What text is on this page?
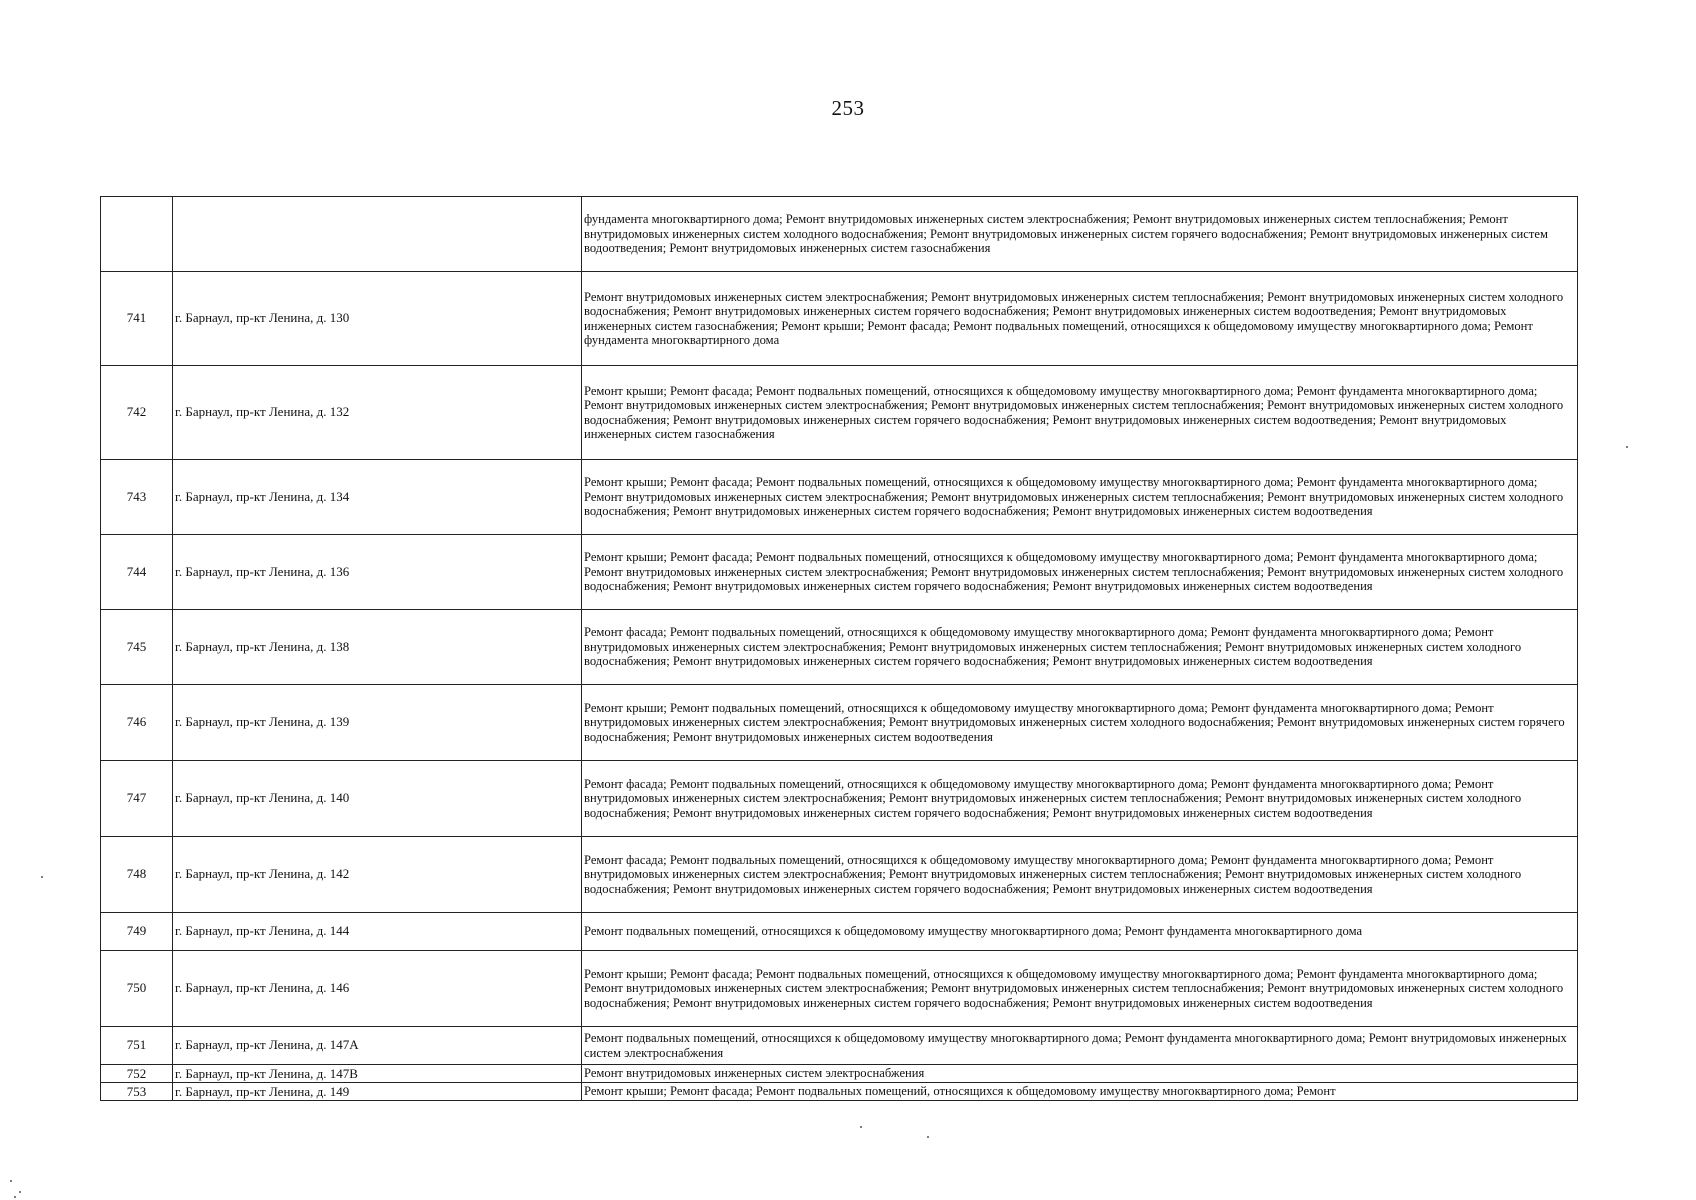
253
		фундамента многоквартирного дома; Ремонт внутридомовых инженерных систем электроснабжения; Ремонт внутридомовых инженерных систем теплоснабжения; Ремонт внутридомовых инженерных систем холодного водоснабжения; Ремонт внутридомовых инженерных систем горячего водоснабжения; Ремонт внутридомовых инженерных систем водоотведения; Ремонт внутридомовых инженерных систем газоснабжения
741	г. Барнаул, пр-кт Ленина, д. 130	Ремонт внутридомовых инженерных систем электроснабжения; Ремонт внутридомовых инженерных систем теплоснабжения; Ремонт внутридомовых инженерных систем холодного водоснабжения; Ремонт внутридомовых инженерных систем горячего водоснабжения; Ремонт внутридомовых инженерных систем водоотведения; Ремонт внутридомовых инженерных систем газоснабжения; Ремонт крыши; Ремонт фасада; Ремонт подвальных помещений, относящихся к общедомовому имуществу многоквартирного дома; Ремонт фундамента многоквартирного дома
742	г. Барнаул, пр-кт Ленина, д. 132	Ремонт крыши; Ремонт фасада; Ремонт подвальных помещений, относящихся к общедомовому имуществу многоквартирного дома; Ремонт фундамента многоквартирного дома; Ремонт внутридомовых инженерных систем электроснабжения; Ремонт внутридомовых инженерных систем теплоснабжения; Ремонт внутридомовых инженерных систем холодного водоснабжения; Ремонт внутридомовых инженерных систем горячего водоснабжения; Ремонт внутридомовых инженерных систем водоотведения; Ремонт внутридомовых инженерных систем газоснабжения
743	г. Барнаул, пр-кт Ленина, д. 134	Ремонт крыши; Ремонт фасада; Ремонт подвальных помещений, относящихся к общедомовому имуществу многоквартирного дома; Ремонт фундамента многоквартирного дома; Ремонт внутридомовых инженерных систем электроснабжения; Ремонт внутридомовых инженерных систем теплоснабжения; Ремонт внутридомовых инженерных систем холодного водоснабжения; Ремонт внутридомовых инженерных систем горячего водоснабжения; Ремонт внутридомовых инженерных систем водоотведения
744	г. Барнаул, пр-кт Ленина, д. 136	Ремонт крыши; Ремонт фасада; Ремонт подвальных помещений, относящихся к общедомовому имуществу многоквартирного дома; Ремонт фундамента многоквартирного дома; Ремонт внутридомовых инженерных систем электроснабжения; Ремонт внутридомовых инженерных систем теплоснабжения; Ремонт внутридомовых инженерных систем холодного водоснабжения; Ремонт внутридомовых инженерных систем горячего водоснабжения; Ремонт внутридомовых инженерных систем водоотведения
745	г. Барнаул, пр-кт Ленина, д. 138	Ремонт фасада; Ремонт подвальных помещений, относящихся к общедомовому имуществу многоквартирного дома; Ремонт фундамента многоквартирного дома; Ремонт внутридомовых инженерных систем электроснабжения; Ремонт внутридомовых инженерных систем теплоснабжения; Ремонт внутридомовых инженерных систем холодного водоснабжения; Ремонт внутридомовых инженерных систем горячего водоснабжения; Ремонт внутридомовых инженерных систем водоотведения
746	г. Барнаул, пр-кт Ленина, д. 139	Ремонт крыши; Ремонт подвальных помещений, относящихся к общедомовому имуществу многоквартирного дома; Ремонт фундамента многоквартирного дома; Ремонт внутридомовых инженерных систем электроснабжения; Ремонт внутридомовых инженерных систем холодного водоснабжения; Ремонт внутридомовых инженерных систем горячего водоснабжения; Ремонт внутридомовых инженерных систем водоотведения
747	г. Барнаул, пр-кт Ленина, д. 140	Ремонт фасада; Ремонт подвальных помещений, относящихся к общедомовому имуществу многоквартирного дома; Ремонт фундамента многоквартирного дома; Ремонт внутридомовых инженерных систем электроснабжения; Ремонт внутридомовых инженерных систем теплоснабжения; Ремонт внутридомовых инженерных систем холодного водоснабжения; Ремонт внутридомовых инженерных систем горячего водоснабжения; Ремонт внутридомовых инженерных систем водоотведения
748	г. Барнаул, пр-кт Ленина, д. 142	Ремонт фасада; Ремонт подвальных помещений, относящихся к общедомовому имуществу многоквартирного дома; Ремонт фундамента многоквартирного дома; Ремонт внутридомовых инженерных систем электроснабжения; Ремонт внутридомовых инженерных систем теплоснабжения; Ремонт внутридомовых инженерных систем холодного водоснабжения; Ремонт внутридомовых инженерных систем горячего водоснабжения; Ремонт внутридомовых инженерных систем водоотведения
749	г. Барнаул, пр-кт Ленина, д. 144	Ремонт подвальных помещений, относящихся к общедомовому имуществу многоквартирного дома; Ремонт фундамента многоквартирного дома
750	г. Барнаул, пр-кт Ленина, д. 146	Ремонт крыши; Ремонт фасада; Ремонт подвальных помещений, относящихся к общедомовому имуществу многоквартирного дома; Ремонт фундамента многоквартирного дома; Ремонт внутридомовых инженерных систем электроснабжения; Ремонт внутридомовых инженерных систем теплоснабжения; Ремонт внутридомовых инженерных систем холодного водоснабжения; Ремонт внутридомовых инженерных систем горячего водоснабжения; Ремонт внутридомовых инженерных систем водоотведения
751	г. Барнаул, пр-кт Ленина, д. 147А	Ремонт подвальных помещений, относящихся к общедомовому имуществу многоквартирного дома; Ремонт фундамента многоквартирного дома; Ремонт внутридомовых инженерных систем электроснабжения
752	г. Барнаул, пр-кт Ленина, д. 147В	Ремонт внутридомовых инженерных систем электроснабжения
753	г. Барнаул, пр-кт Ленина, д. 149	Ремонт крыши; Ремонт фасада; Ремонт подвальных помещений, относящихся к общедомовому имуществу многоквартирного дома; Ремонт
